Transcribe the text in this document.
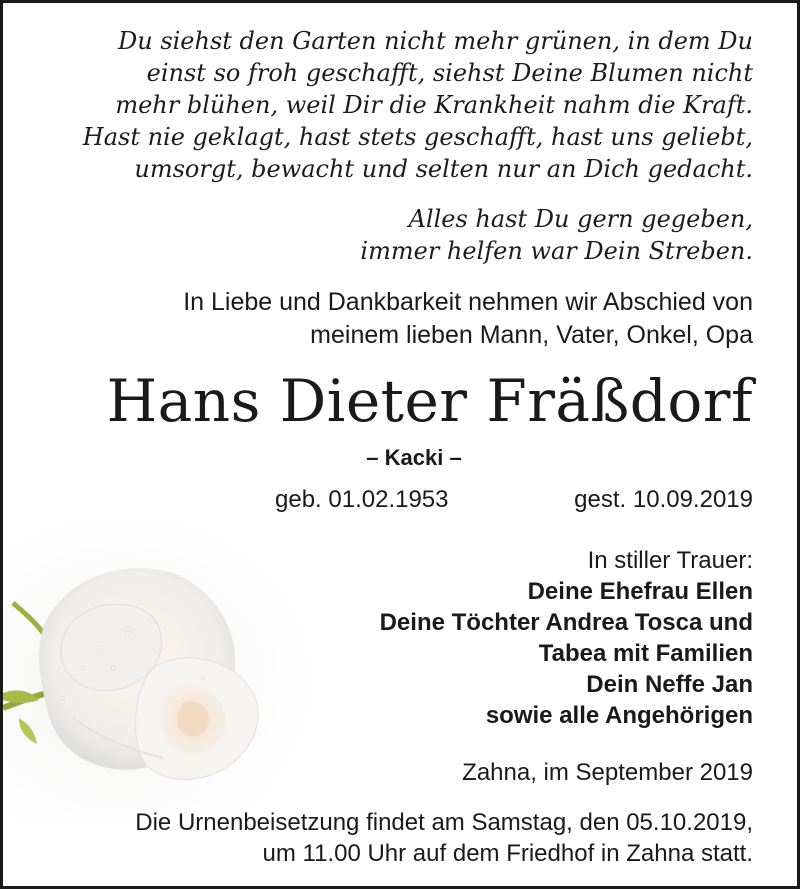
Du siehst den Garten nicht mehr grünen, in dem Du
einst so froh geschafft, siehst Deine Blumen nicht
mehr blühen, weil Dir die Krankheit nahm die Kraft.
Hast nie geklagt, hast stets geschafft, hast uns geliebt,
umsorgt, bewacht und selten nur an Dich gedacht.
Alles hast Du gern gegeben,
immer helfen war Dein Streben.
In Liebe und Dankbarkeit nehmen wir Abschied von
meinem lieben Mann, Vater, Onkel, Opa
Hans Dieter Fräßdorf
– Kacki –
geb. 01.02.1953	gest. 10.09.2019
In stiller Trauer:
Deine Ehefrau Ellen
Deine Töchter Andrea Tosca und
Tabea mit Familien
Dein Neffe Jan
sowie alle Angehörigen
Zahna, im September 2019
Die Urnenbeisetzung findet am Samstag, den 05.10.2019,
um 11.00 Uhr auf dem Friedhof in Zahna statt.
